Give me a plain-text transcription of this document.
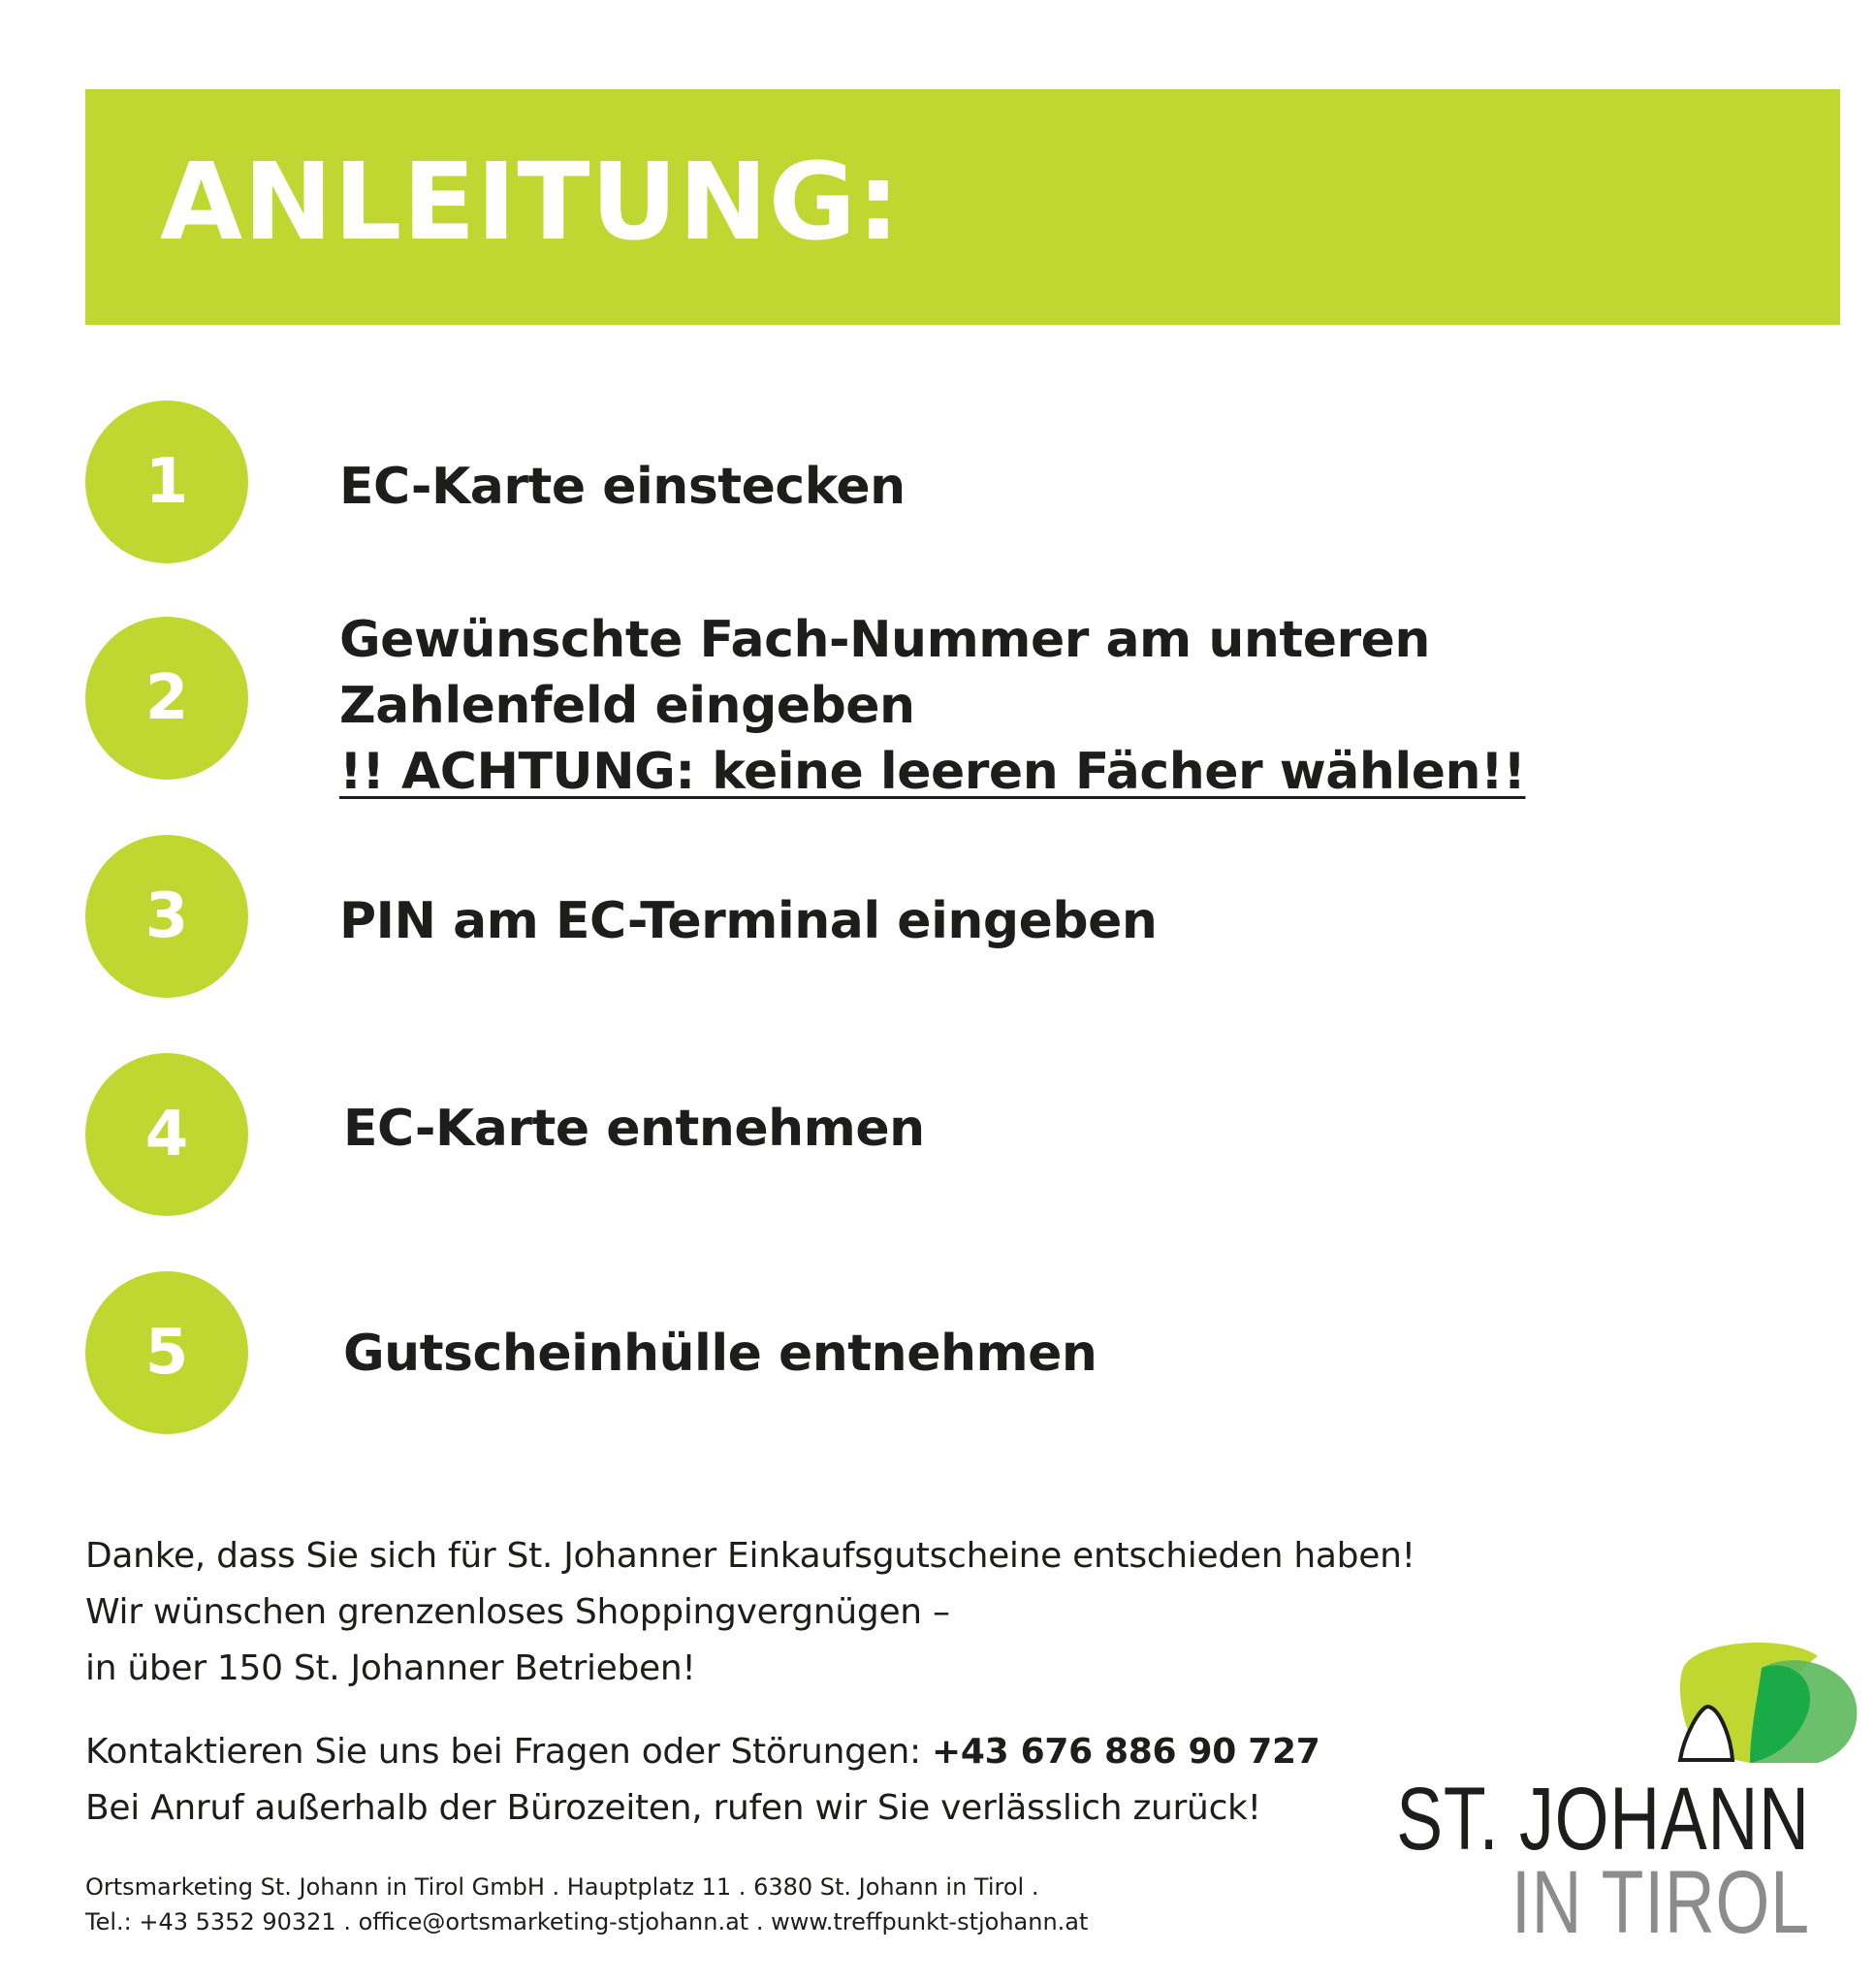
ANLEITUNG:
1	EC-Karte einstecken
2
Gewünschte Fach-Nummer am unteren
Zahlenfeld eingeben
!! ACHTUNG: keine leeren Fächer wählen!!
3	PIN am EC-Terminal eingeben
4	EC-Karte entnehmen
5	Gutscheinhülle entnehmen
Danke, dass Sie sich für St. Johanner Einkaufsgutscheine entschieden haben!
Wir wünschen grenzenloses Shoppingvergnügen –
in über 150 St. Johanner Betrieben!
Kontaktieren Sie uns bei Fragen oder Störungen: +43 676 886 90 727
Bei Anruf außerhalb der Bürozeiten, rufen wir Sie verlässlich zurück!
Ortsmarketing St. Johann in Tirol GmbH . Hauptplatz 11 . 6380 St. Johann in Tirol .
Tel.: +43 5352 90321 . office@ortsmarketing-stjohann.at . www.treffpunkt-stjohann.at
ST. JOHANN
IN TIROL
